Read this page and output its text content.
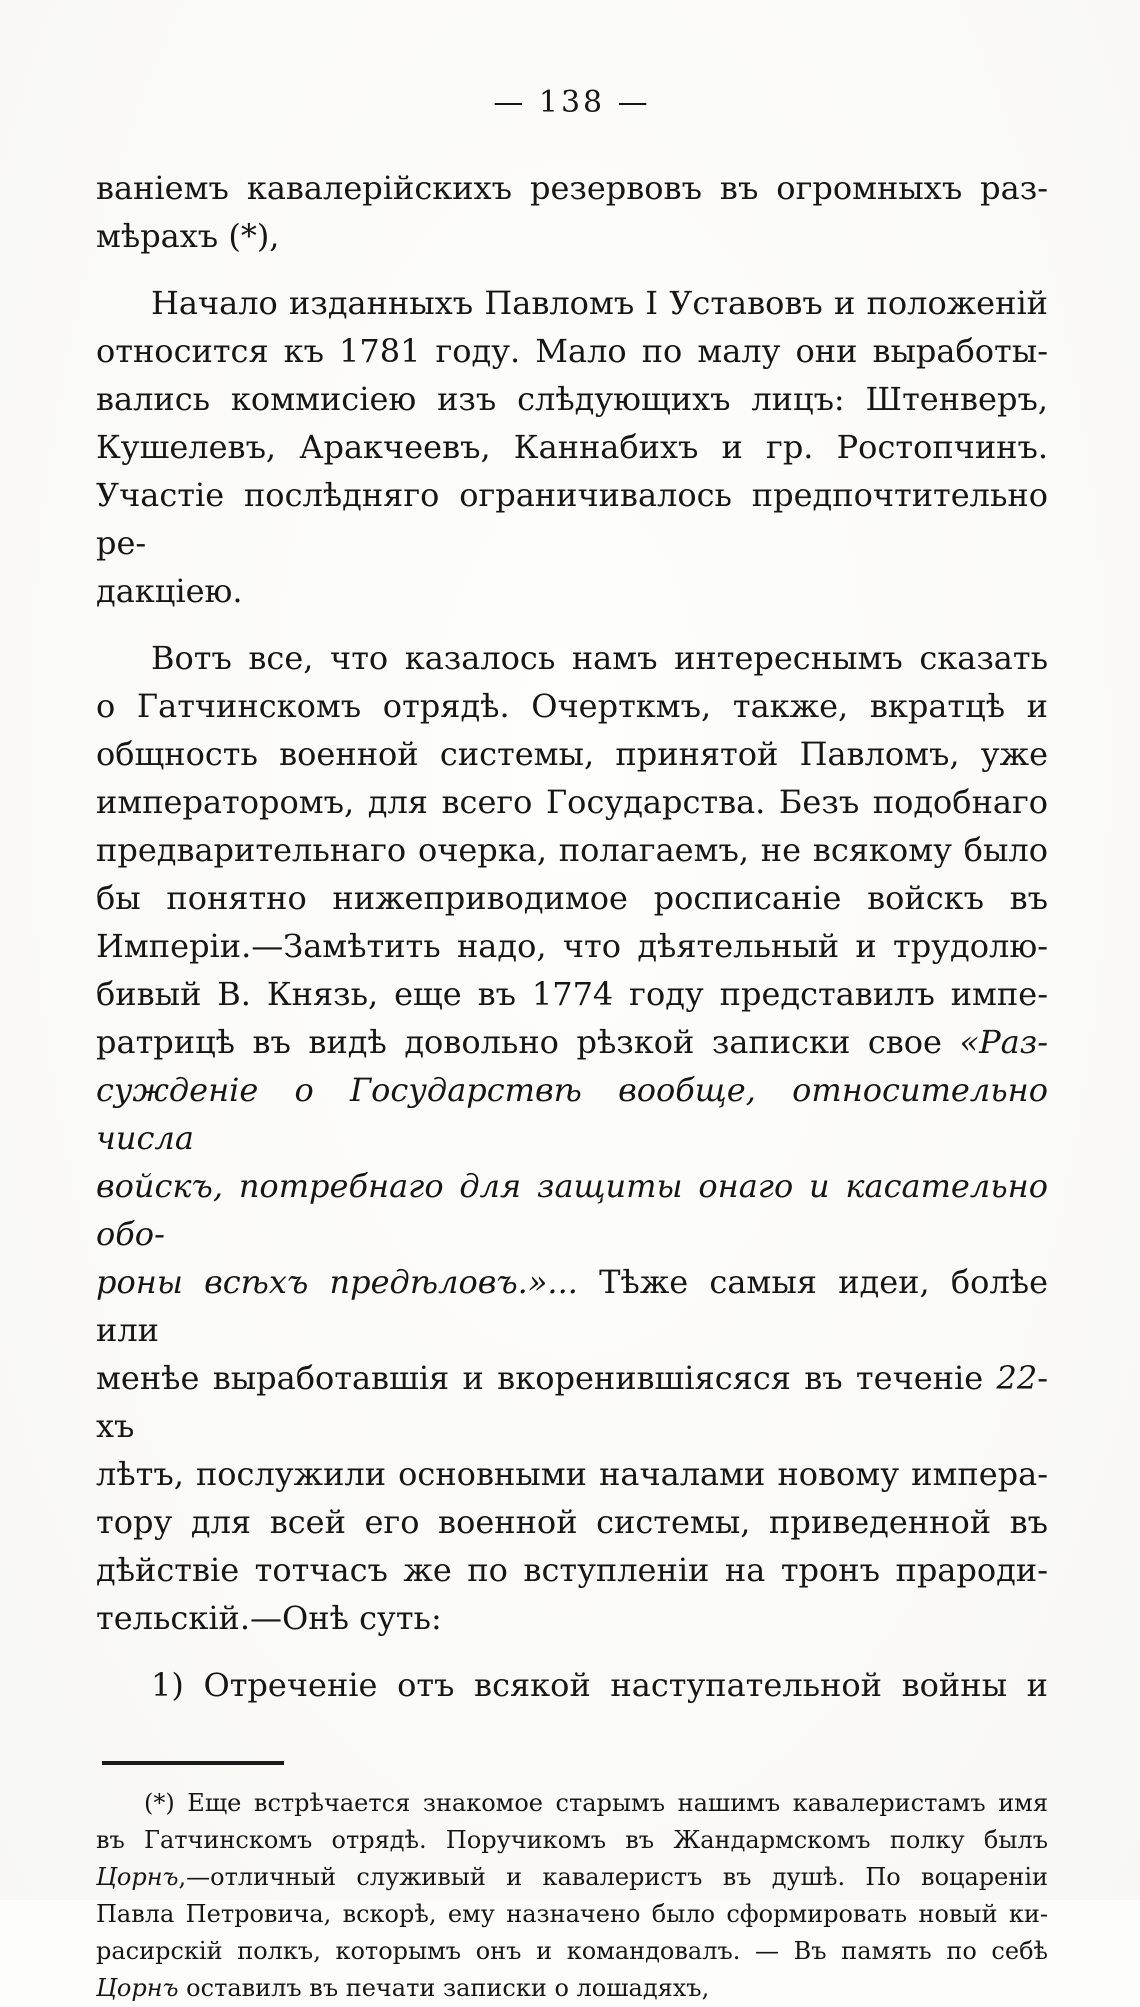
— 138 —
ваніемъ кавалерійскихъ резервовъ въ огромныхъ раз-
мѣрахъ (*),
Начало изданныхъ Павломъ I Уставовъ и положеній
относится къ 1781 году. Мало по малу они выработы-
вались коммисіею изъ слѣдующихъ лицъ: Штенверъ,
Кушелевъ, Аракчеевъ, Каннабихъ и гр. Ростопчинъ.
Участіе послѣдняго ограничивалось предпочтительно ре-
дакціею.
Вотъ все, что казалось намъ интереснымъ сказать
о Гатчинскомъ отрядѣ. Очерткмъ, также, вкратцѣ и
общность военной системы, принятой Павломъ, уже
императоромъ, для всего Государства. Безъ подобнаго
предварительнаго очерка, полагаемъ, не всякому было
бы понятно нижеприводимое росписаніе войскъ въ
Имперіи.—Замѣтить надо, что дѣятельный и трудолю-
бивый В. Князь, еще въ 1774 году представилъ импе-
ратрицѣ въ видѣ довольно рѣзкой записки свое «Раз-
сужденіе о Государствѣ вообще, относительно числа
войскъ, потребнаго для защиты онаго и касательно обо-
роны всѣхъ предѣловъ.»... Тѣже самыя идеи, болѣе или
менѣе выработавшія и вкоренившіясяся въ теченіе 22-хъ
лѣтъ, послужили основными началами новому импера-
тору для всей его военной системы, приведенной въ
дѣйствіе тотчасъ же по вступленіи на тронъ прароди-
тельскій.—Онѣ суть:
1) Отреченіе отъ всякой наступательной войны и
(*) Еще встрѣчается знакомое старымъ нашимъ кавалеристамъ имя
въ Гатчинскомъ отрядѣ. Поручикомъ въ Жандармскомъ полку былъ
Цорнъ,—отличный служивый и кавалеристъ въ душѣ. По воцареніи
Павла Петровича, вскорѣ, ему назначено было сформировать новый ки-
расирскій полкъ, которымъ онъ и командовалъ. — Въ память по себѣ
Цорнъ оставилъ въ печати записки о лошадяхъ,
